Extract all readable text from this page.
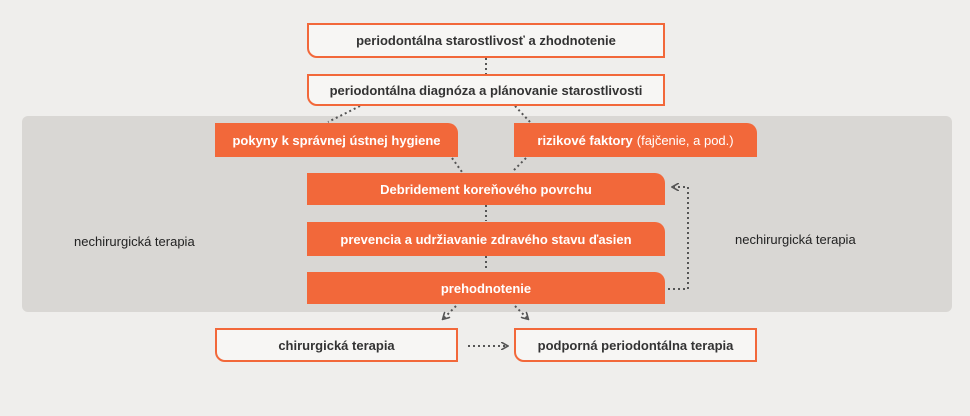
nechirurgická terapia	nechirurgická terapia
periodontálna starostlivosť a zhodnotenie
periodontálna diagnóza a plánovanie starostlivosti
pokyny k správnej ústnej hygiene	rizikové faktory (fajčenie, a pod.)
Debridement koreňového povrchu
prevencia a udržiavanie zdravého stavu ďasien
prehodnotenie
chirurgická terapia	podporná periodontálna terapia
